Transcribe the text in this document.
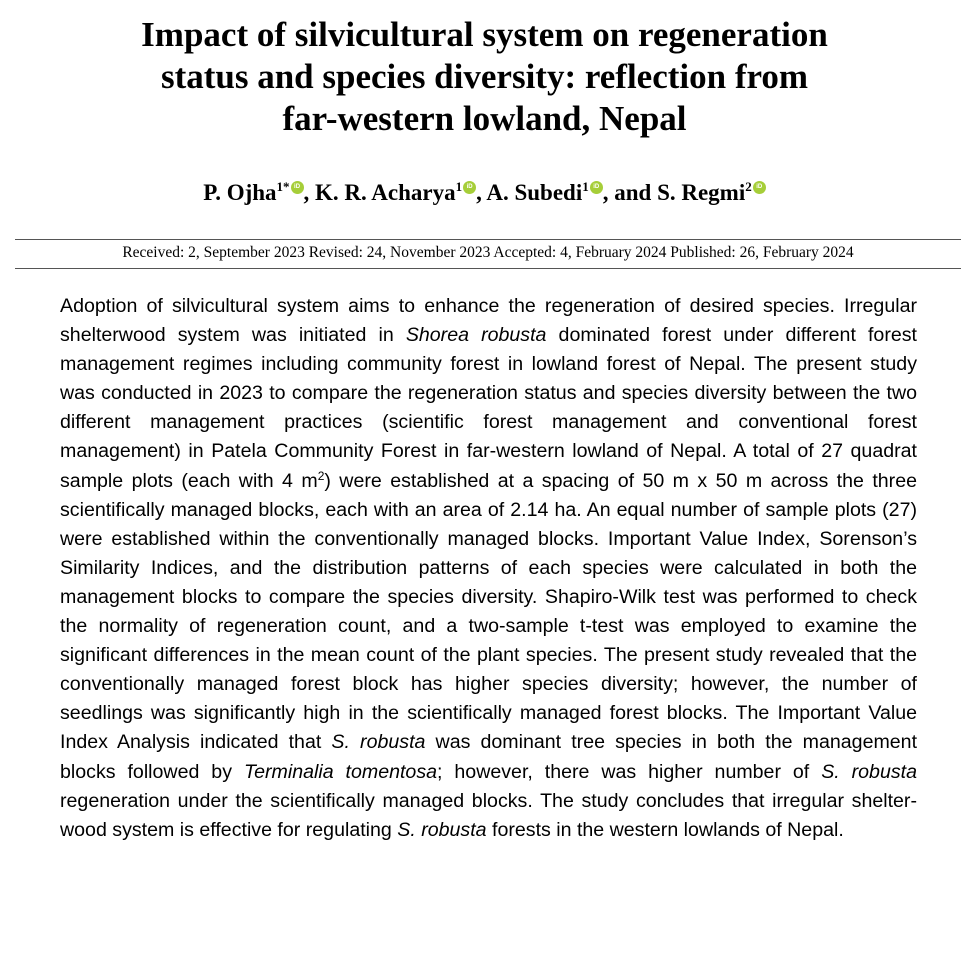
Impact of silvicultural system on regeneration
status and species diversity: reflection from
far-western lowland, Nepal
P. Ojha$^{1*}$ iD , K. R. Acharya$^1$ iD , A. Subedi$^1$ iD , and S. Regmi$^2$ iD
Received: 2, September 2023 Revised: 24, November 2023 Accepted: 4, February 2024 Published: 26, February 2024
Adoption of silvicultural system aims to enhance the regeneration of desired species. Irregular shelterwood system was initiated in Shorea robusta dominated forest under different forest management regimes including community forest in lowland forest of Nepal. The present study was conducted in 2023 to compare the regeneration status and species diversity between the two different management practices (scientific forest management and conventional forest management) in Patela Community Forest in far-western lowland of Nepal. A total of 27 quadrat sample plots (each with 4 $m^2$) were established at a spacing of 50 m x 50 m across the three scientifically managed blocks, each with an area of 2.14 ha. An equal number of sample plots (27) were established within the conventionally managed blocks. Important Value Index, Sorenson’s Similarity Indices, and the distribution patterns of each species were calculated in both the management blocks to compare the species diversity. Shapiro-Wilk test was performed to check the normality of regeneration count, and a two-sample t-test was employed to examine the significant differences in the mean count of the plant species. The present study revealed that the conventionally managed forest block has higher species diversity; however, the number of seedlings was significantly high in the scientifically managed forest blocks. The Important Value Index Analysis indicated that S. robusta was dominant tree species in both the management blocks followed by Terminalia tomentosa; however, there was higher number of S. robusta regeneration under the scientifically managed blocks. The study concludes that irregular shelter-wood system is effective for regulating S. robusta forests in the western lowlands of Nepal.
